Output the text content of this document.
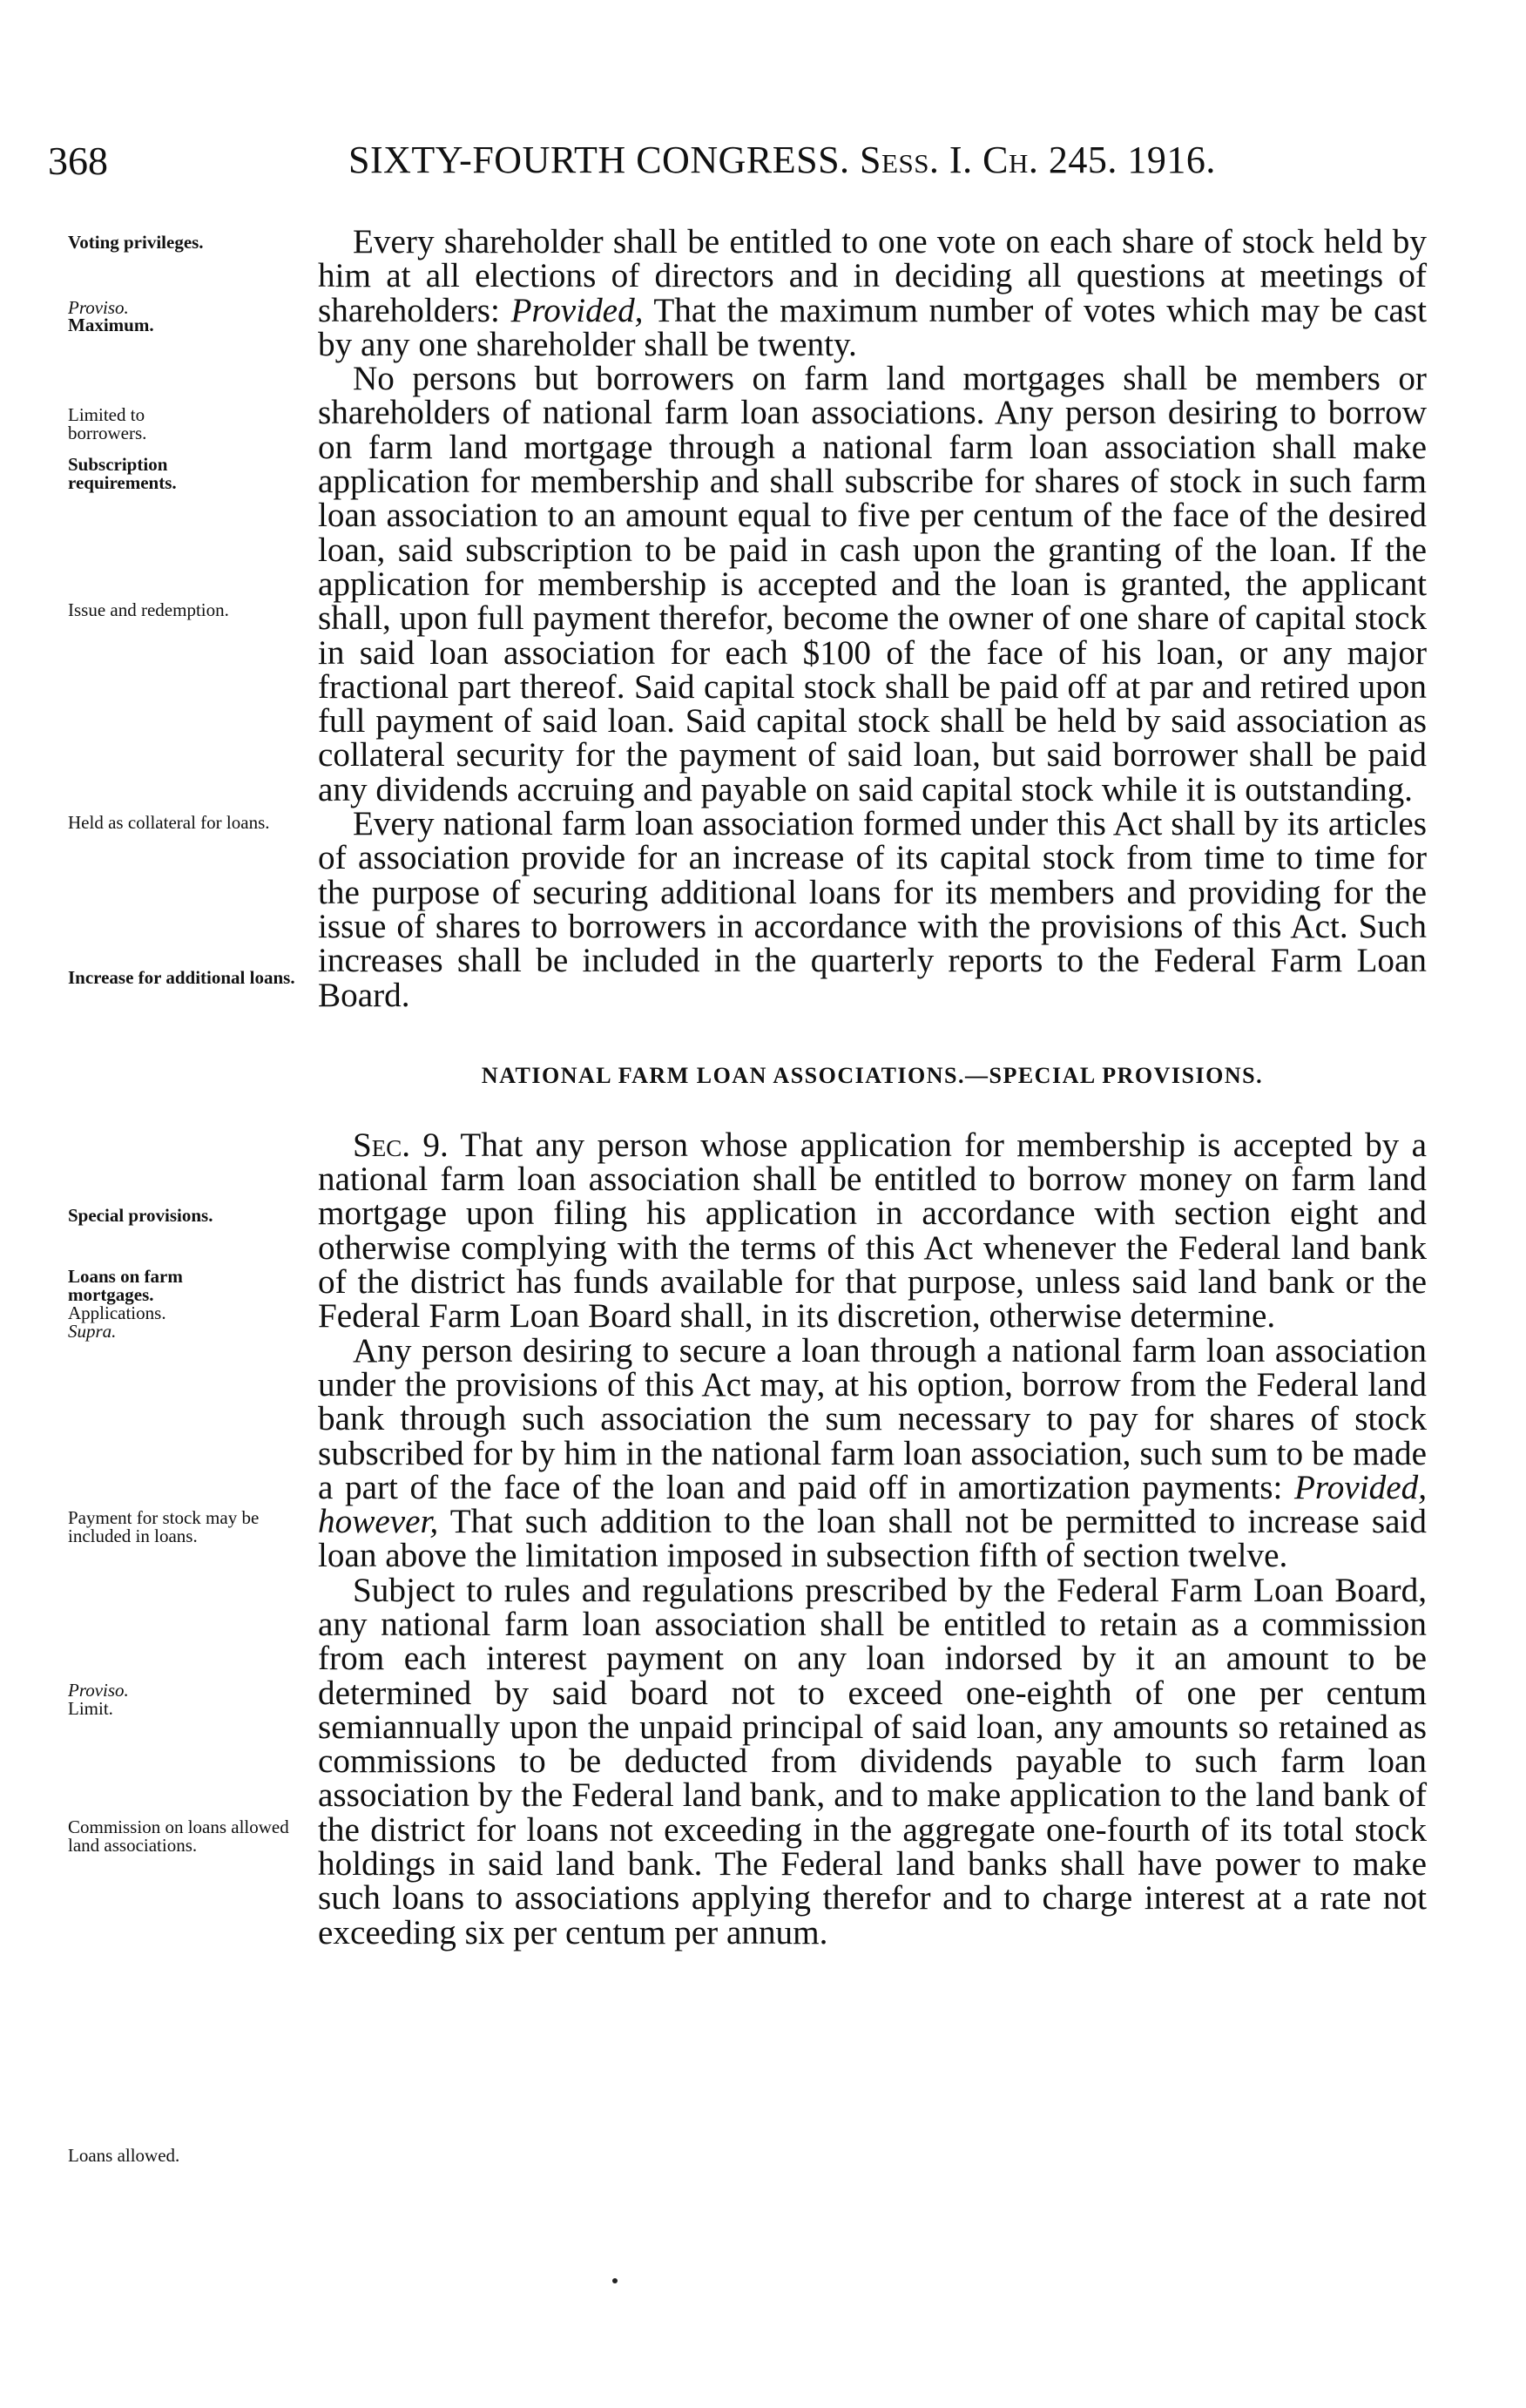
368	SIXTY-FOURTH CONGRESS. Sess. I. Ch. 245. 1916.
Voting privileges.
Proviso.
Maximum.
Limited to borrowers.
Subscription requirements.
Issue and redemption.
Held as collateral for loans.
Increase for additional loans.
Special provisions.
Loans on farm mortgages.
Applications.
Supra.
Payment for stock may be included in loans.
Proviso.
Limit.
Commission on loans allowed land associations.
Loans allowed.

Every shareholder shall be entitled to one vote on each share of stock held by him at all elections of directors and in deciding all questions at meetings of shareholders: Provided, That the maximum number of votes which may be cast by any one shareholder shall be twenty.

No persons but borrowers on farm land mortgages shall be members or shareholders of national farm loan associations. Any person desiring to borrow on farm land mortgage through a national farm loan association shall make application for membership and shall subscribe for shares of stock in such farm loan association to an amount equal to five per centum of the face of the desired loan, said subscription to be paid in cash upon the granting of the loan. If the application for membership is accepted and the loan is granted, the applicant shall, upon full payment therefor, become the owner of one share of capital stock in said loan association for each $100 of the face of his loan, or any major fractional part thereof. Said capital stock shall be paid off at par and retired upon full payment of said loan. Said capital stock shall be held by said association as collateral security for the payment of said loan, but said borrower shall be paid any dividends accruing and payable on said capital stock while it is outstanding.

Every national farm loan association formed under this Act shall by its articles of association provide for an increase of its capital stock from time to time for the purpose of securing additional loans for its members and providing for the issue of shares to borrowers in accordance with the provisions of this Act. Such increases shall be included in the quarterly reports to the Federal Farm Loan Board.

NATIONAL FARM LOAN ASSOCIATIONS.—SPECIAL PROVISIONS.

Sec. 9. That any person whose application for membership is accepted by a national farm loan association shall be entitled to borrow money on farm land mortgage upon filing his application in accordance with section eight and otherwise complying with the terms of this Act whenever the Federal land bank of the district has funds available for that purpose, unless said land bank or the Federal Farm Loan Board shall, in its discretion, otherwise determine.

Any person desiring to secure a loan through a national farm loan association under the provisions of this Act may, at his option, borrow from the Federal land bank through such association the sum necessary to pay for shares of stock subscribed for by him in the national farm loan association, such sum to be made a part of the face of the loan and paid off in amortization payments: Provided, however, That such addition to the loan shall not be permitted to increase said loan above the limitation imposed in subsection fifth of section twelve.

Subject to rules and regulations prescribed by the Federal Farm Loan Board, any national farm loan association shall be entitled to retain as a commission from each interest payment on any loan indorsed by it an amount to be determined by said board not to exceed one-eighth of one per centum semiannually upon the unpaid principal of said loan, any amounts so retained as commissions to be deducted from dividends payable to such farm loan association by the Federal land bank, and to make application to the land bank of the district for loans not exceeding in the aggregate one-fourth of its total stock holdings in said land bank. The Federal land banks shall have power to make such loans to associations applying therefor and to charge interest at a rate not exceeding six per centum per annum.
